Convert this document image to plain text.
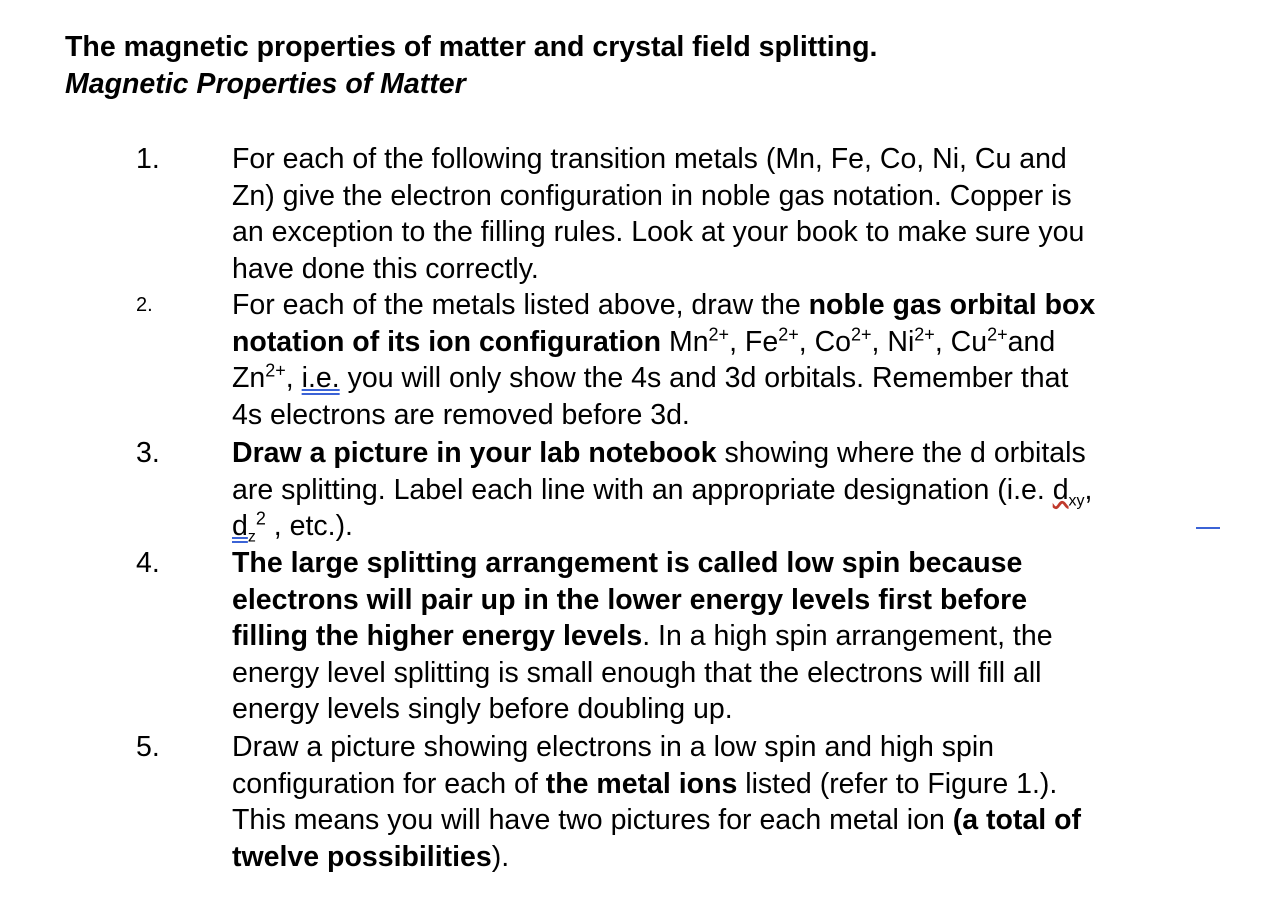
The magnetic properties of matter and crystal field splitting.
Magnetic Properties of Matter
1.	For each of the following transition metals (Mn, Fe, Co, Ni, Cu and
Zn) give the electron configuration in noble gas notation. Copper is
an exception to the filling rules. Look at your book to make sure you
have done this correctly.
2.	For each of the metals listed above, draw the noble gas orbital box
notation of its ion configuration $Mn^{2+}$, $Fe^{2+}$, $Co^{2+}$, $Ni^{2+}$, $Cu^{2+}and$
$Zn^{2+}$, i.e. you will only show the 4s and 3d orbitals. Remember that
4s electrons are removed before 3d.
3.	Draw a picture in your lab notebook showing where the d orbitals
are splitting. Label each line with an appropriate designation (i.e. $d_{xy}$,
$d_z^2$ , etc.).
4.	The large splitting arrangement is called low spin because
electrons will pair up in the lower energy levels first before
filling the higher energy levels. In a high spin arrangement, the
energy level splitting is small enough that the electrons will fill all
energy levels singly before doubling up.
5.	Draw a picture showing electrons in a low spin and high spin
configuration for each of the metal ions listed (refer to Figure 1.).
This means you will have two pictures for each metal ion (a total of
twelve possibilities).
